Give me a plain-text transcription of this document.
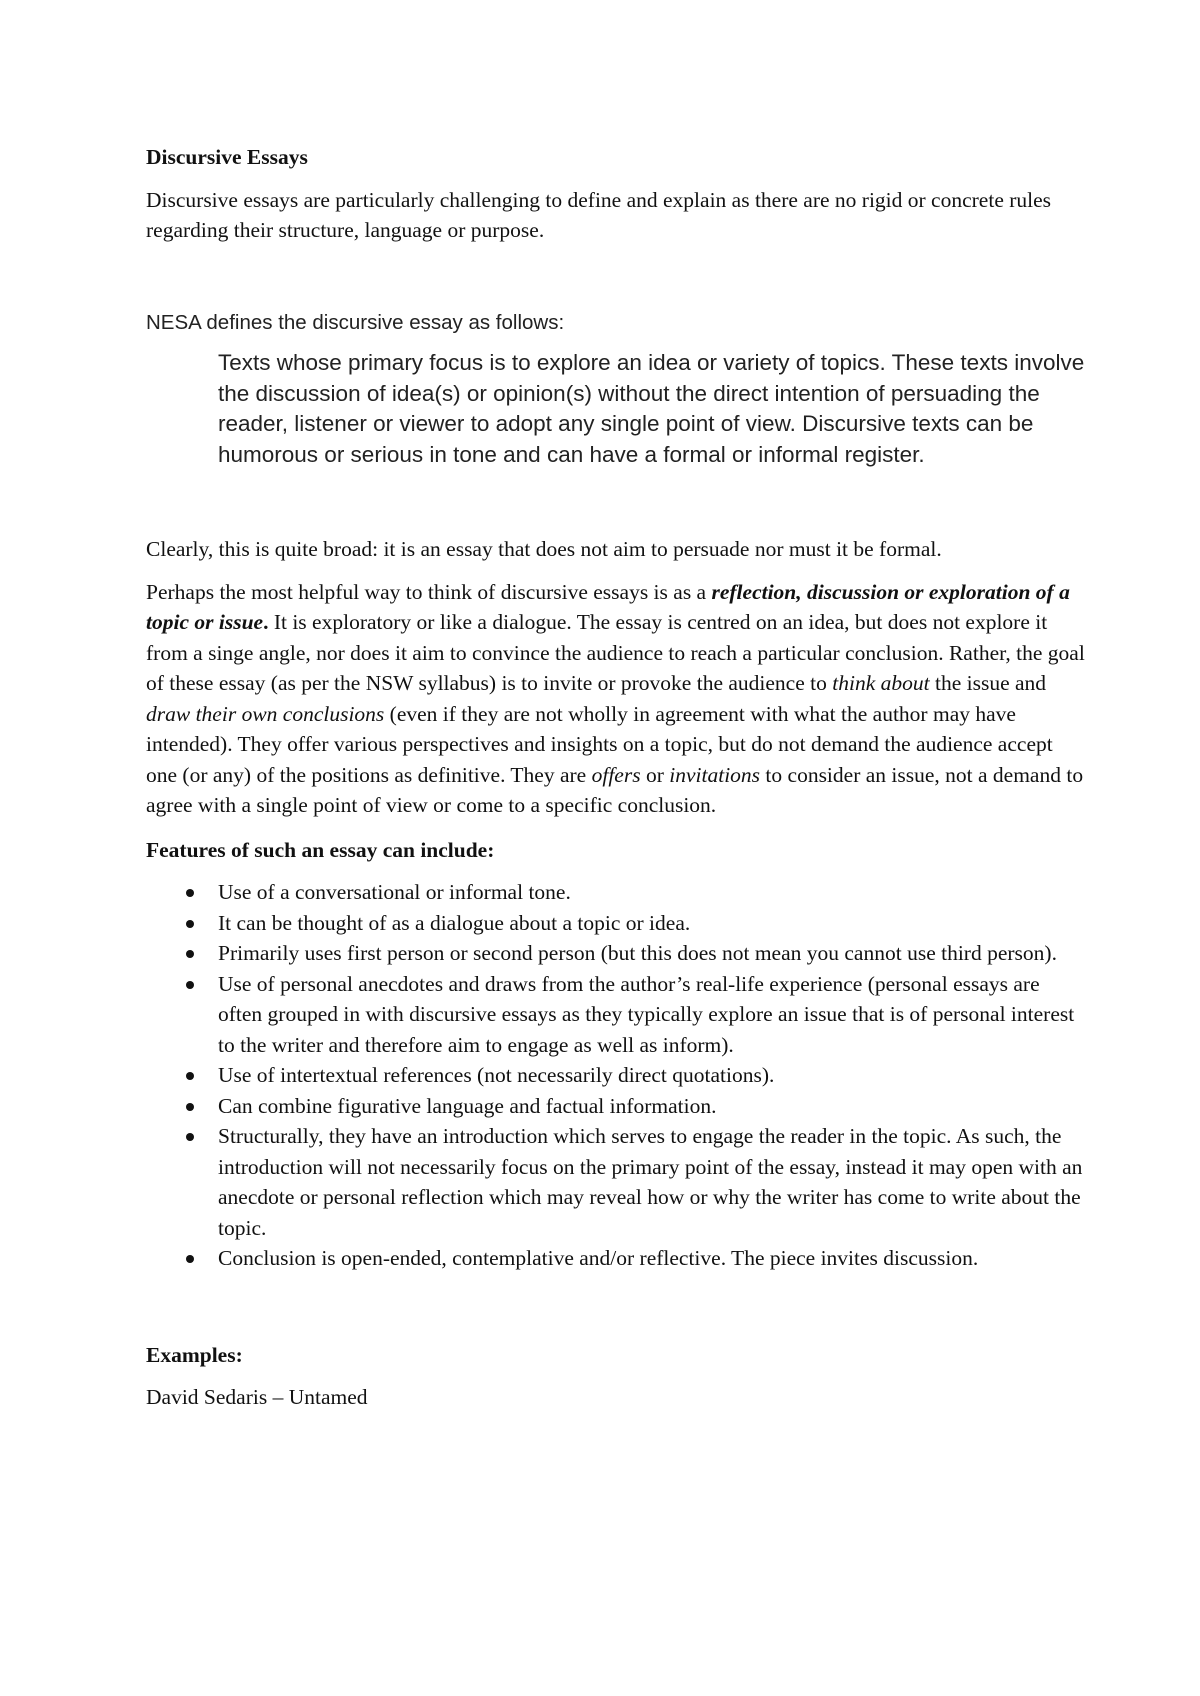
Discursive Essays

Discursive essays are particularly challenging to define and explain as there are no rigid or concrete rules regarding their structure, language or purpose.

NESA defines the discursive essay as follows:

Texts whose primary focus is to explore an idea or variety of topics. These texts involve the discussion of idea(s) or opinion(s) without the direct intention of persuading the reader, listener or viewer to adopt any single point of view. Discursive texts can be humorous or serious in tone and can have a formal or informal register.

Clearly, this is quite broad: it is an essay that does not aim to persuade nor must it be formal.

Perhaps the most helpful way to think of discursive essays is as a reflection, discussion or exploration of a topic or issue. It is exploratory or like a dialogue. The essay is centred on an idea, but does not explore it from a singe angle, nor does it aim to convince the audience to reach a particular conclusion. Rather, the goal of these essay (as per the NSW syllabus) is to invite or provoke the audience to think about the issue and draw their own conclusions (even if they are not wholly in agreement with what the author may have intended). They offer various perspectives and insights on a topic, but do not demand the audience accept one (or any) of the positions as definitive. They are offers or invitations to consider an issue, not a demand to agree with a single point of view or come to a specific conclusion.

Features of such an essay can include:
Use of a conversational or informal tone.
It can be thought of as a dialogue about a topic or idea.
Primarily uses first person or second person (but this does not mean you cannot use third person).
Use of personal anecdotes and draws from the author’s real-life experience (personal essays are often grouped in with discursive essays as they typically explore an issue that is of personal interest to the writer and therefore aim to engage as well as inform).
Use of intertextual references (not necessarily direct quotations).
Can combine figurative language and factual information.
Structurally, they have an introduction which serves to engage the reader in the topic. As such, the introduction will not necessarily focus on the primary point of the essay, instead it may open with an anecdote or personal reflection which may reveal how or why the writer has come to write about the topic.
Conclusion is open-ended, contemplative and/or reflective. The piece invites discussion.
Examples:

David Sedaris – Untamed
